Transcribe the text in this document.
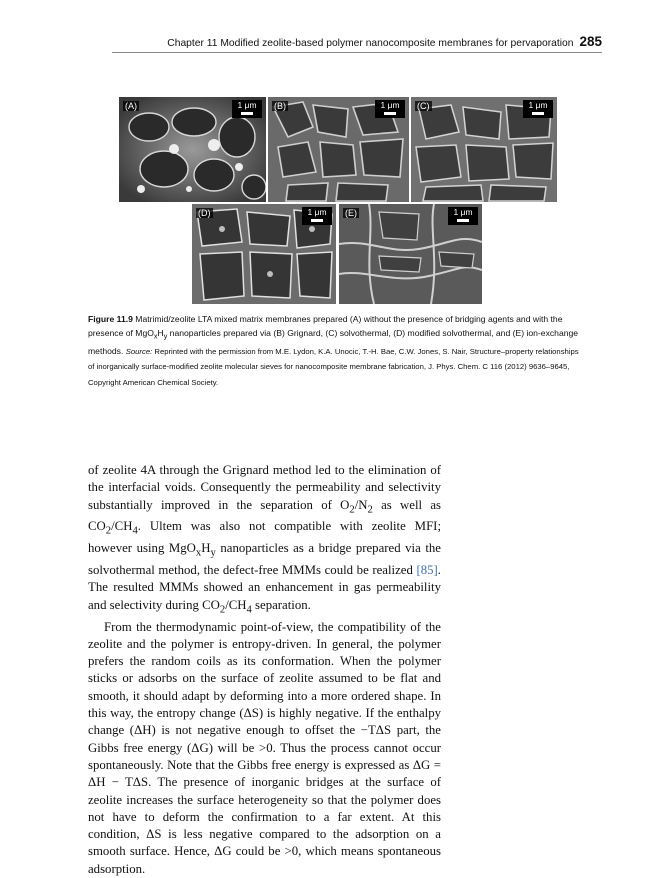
Chapter 11 Modified zeolite-based polymer nanocomposite membranes for pervaporation 285
(A)	1 μm	(B)	1 μm	(C)	1 μm
(D)	1 μm	(E)	1 μm
Figure 11.9 Matrimid/zeolite LTA mixed matrix membranes prepared (A) without the presence of bridging agents and with the presence of $MgO_xH_y$ nanoparticles prepared via (B) Grignard, (C) solvothermal, (D) modified solvothermal, and (E) ion-exchange methods. Source: Reprinted with the permission from M.E. Lydon, K.A. Unocic, T.-H. Bae, C.W. Jones, S. Nair, Structure–property relationships of inorganically surface-modified zeolite molecular sieves for nanocomposite membrane fabrication, J. Phys. Chem. C 116 (2012) 9636–9645, Copyright American Chemical Society.

of zeolite 4A through the Grignard method led to the elimination of the interfacial voids. Consequently the permeability and selectivity substantially improved in the separation of $O_2/N_2$ as well as $CO_2/CH_4$. Ultem was also not compatible with zeolite MFI; however using $MgO_xH_y$ nanoparticles as a bridge prepared via the solvothermal method, the defect-free MMMs could be realized [85]. The resulted MMMs showed an enhancement in gas permeability and selectivity during $CO_2/CH_4$ separation.

From the thermodynamic point-of-view, the compatibility of the zeolite and the polymer is entropy-driven. In general, the polymer prefers the random coils as its conformation. When the polymer sticks or adsorbs on the surface of zeolite assumed to be flat and smooth, it should adapt by deforming into a more ordered shape. In this way, the entropy change (ΔS) is highly negative. If the enthalpy change (ΔH) is not negative enough to offset the −TΔS part, the Gibbs free energy (ΔG) will be >0. Thus the process cannot occur spontaneously. Note that the Gibbs free energy is expressed as ΔG = ΔH − TΔS. The presence of inorganic bridges at the surface of zeolite increases the surface heterogeneity so that the polymer does not have to deform the confirmation to a far extent. At this condition, ΔS is less negative compared to the adsorption on a smooth surface. Hence, ΔG could be >0, which means spontaneous adsorption.
